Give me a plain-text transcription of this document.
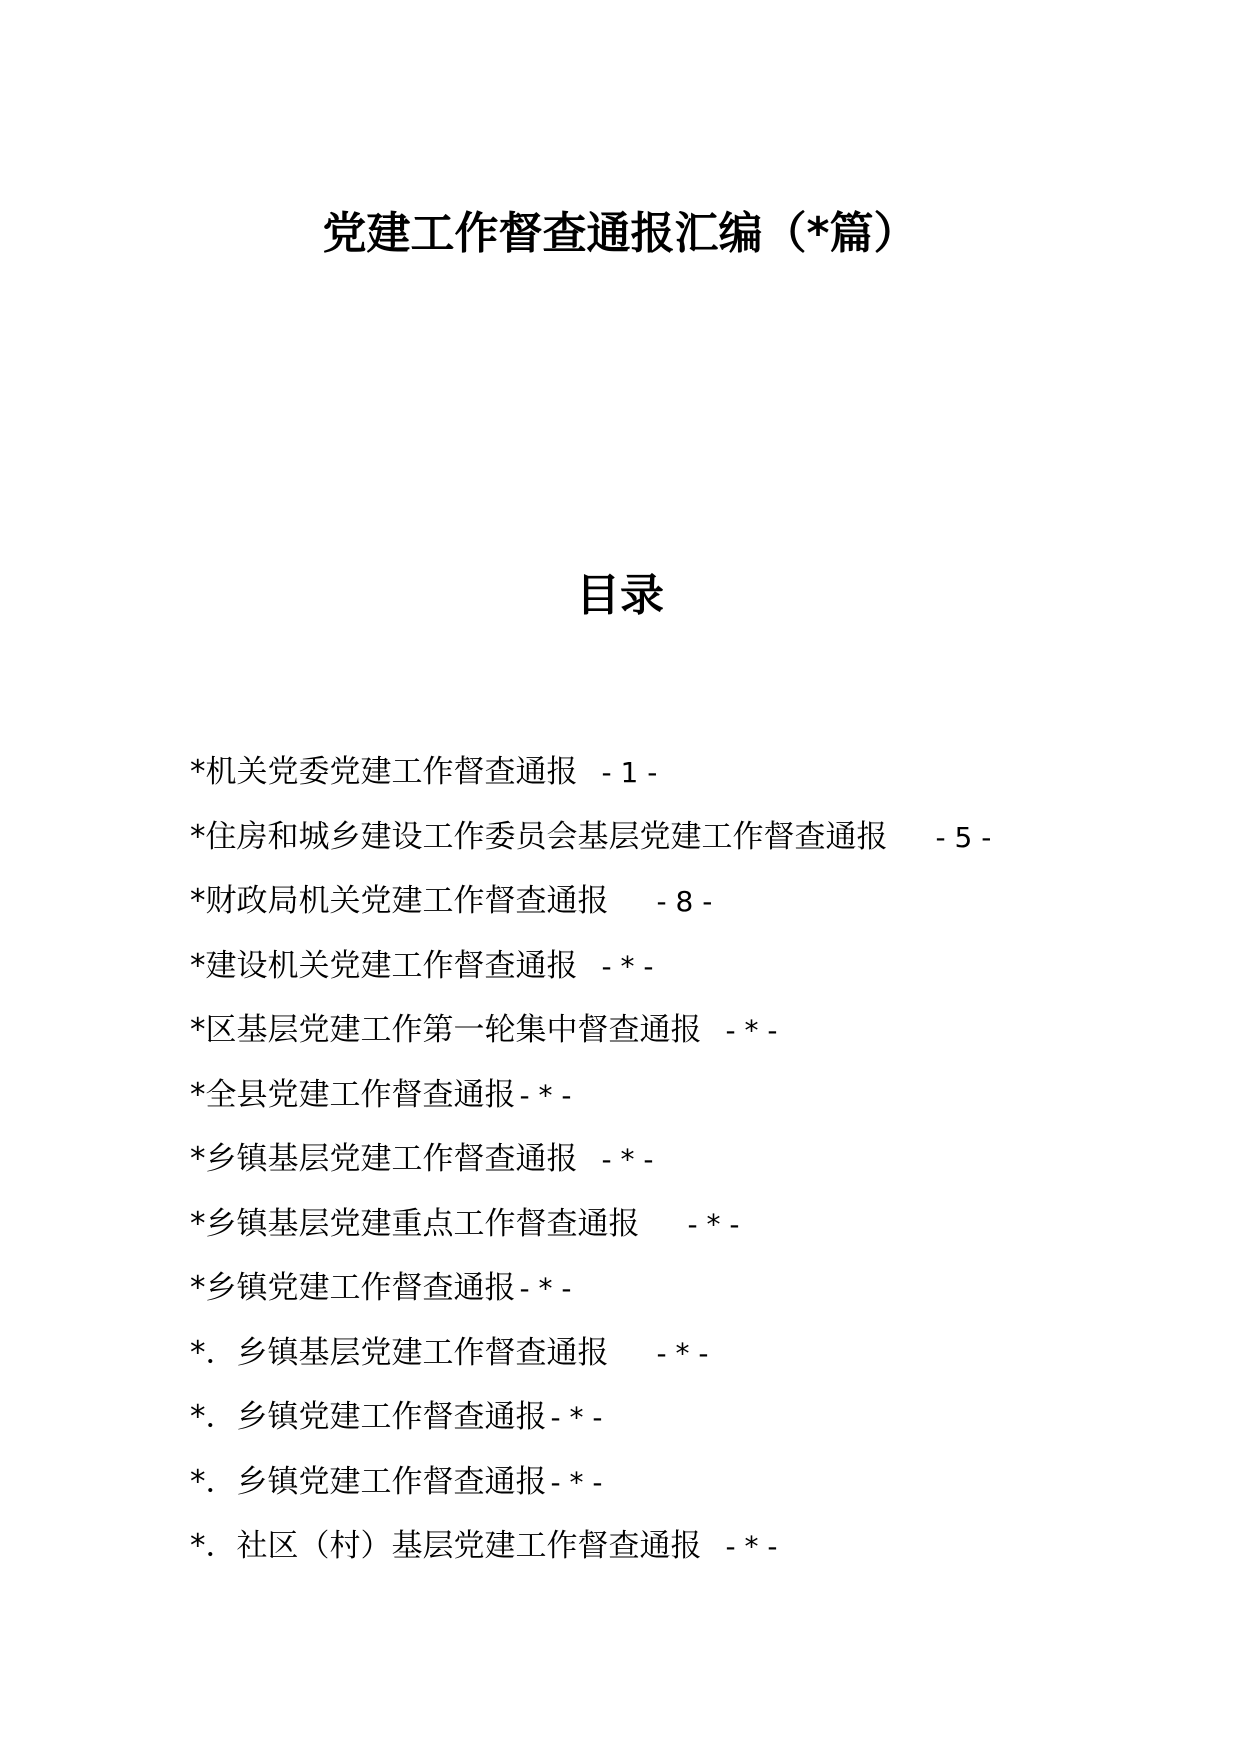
党建工作督查通报汇编（*篇）
目录
*机关党委党建工作督查通报 - 1 -
*住房和城乡建设工作委员会基层党建工作督查通报 - 5 -
*财政局机关党建工作督查通报 - 8 -
*建设机关党建工作督查通报 - * -
*区基层党建工作第一轮集中督查通报 - * -
*全县党建工作督查通报 - * -
*乡镇基层党建工作督查通报 - * -
*乡镇基层党建重点工作督查通报 - * -
*乡镇党建工作督查通报 - * -
*．乡镇基层党建工作督查通报 - * -
*．乡镇党建工作督查通报 - * -
*．乡镇党建工作督查通报 - * -
*．社区（村）基层党建工作督查通报 - * -
